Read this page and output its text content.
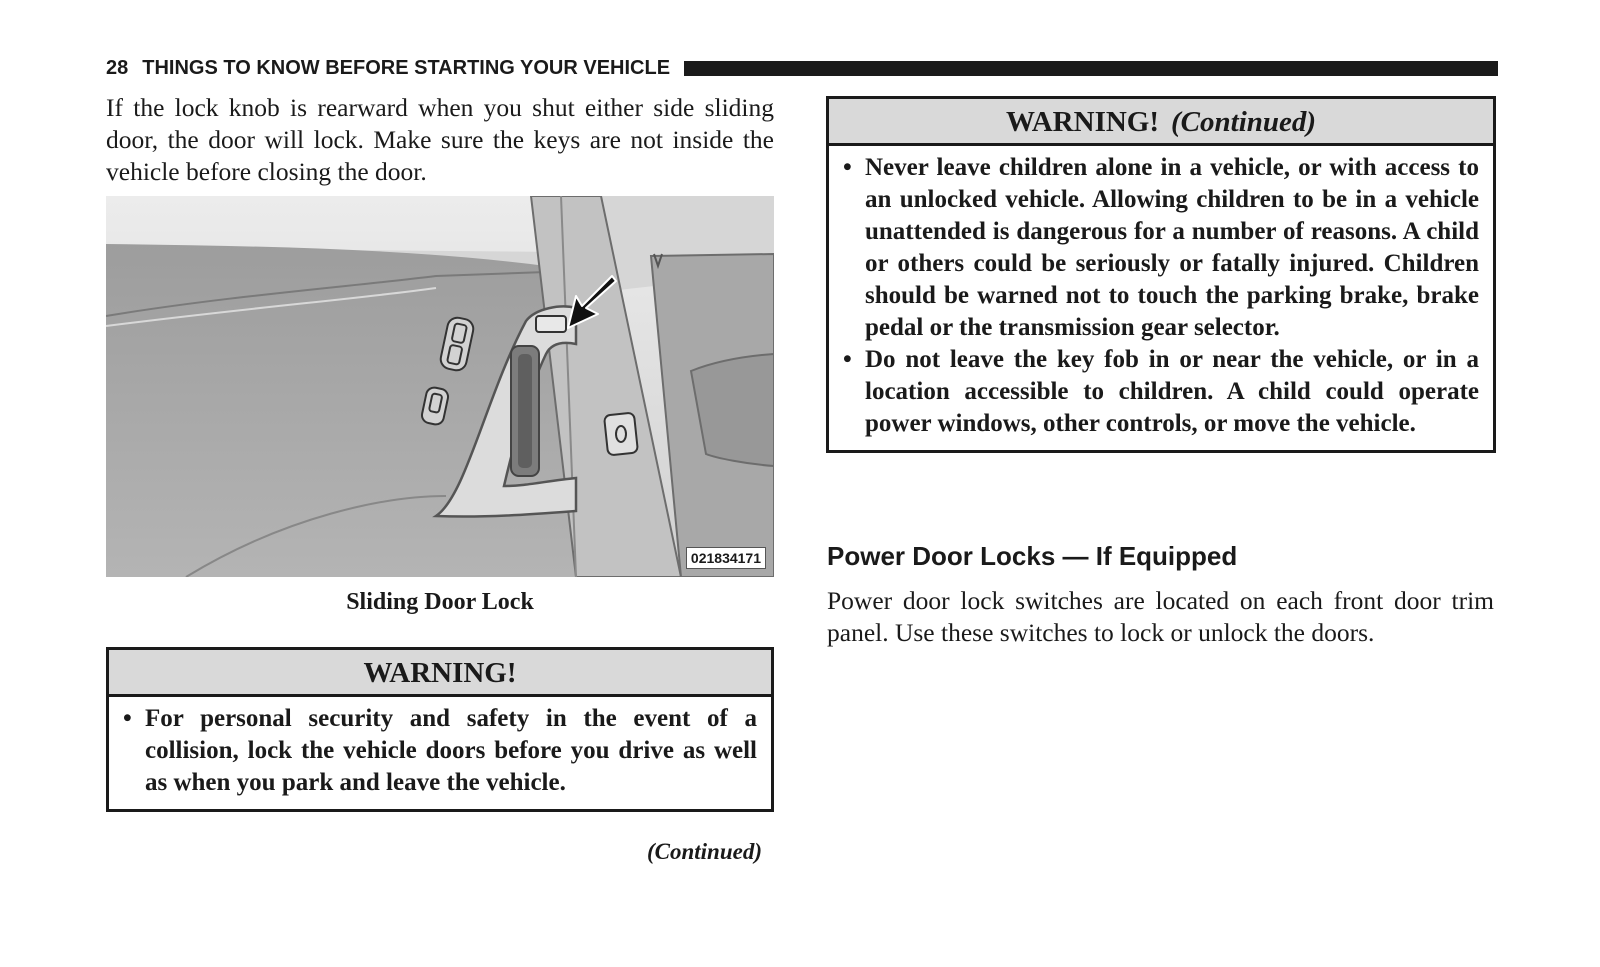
28 THINGS TO KNOW BEFORE STARTING YOUR VEHICLE

If the lock knob is rearward when you shut either side sliding door, the door will lock. Make sure the keys are not inside the vehicle before closing the door.

021834171
Sliding Door Lock
WARNING!
• For personal security and safety in the event of a collision, lock the vehicle doors before you drive as well as when you park and leave the vehicle.
(Continued)
WARNING! (Continued)
• Never leave children alone in a vehicle, or with access to an unlocked vehicle. Allowing children to be in a vehicle unattended is dangerous for a number of reasons. A child or others could be seriously or fatally injured. Children should be warned not to touch the parking brake, brake pedal or the transmission gear selector.
• Do not leave the key fob in or near the vehicle, or in a location accessible to children. A child could operate power windows, other controls, or move the vehicle.
Power Door Locks — If Equipped

Power door lock switches are located on each front door trim panel. Use these switches to lock or unlock the doors.
